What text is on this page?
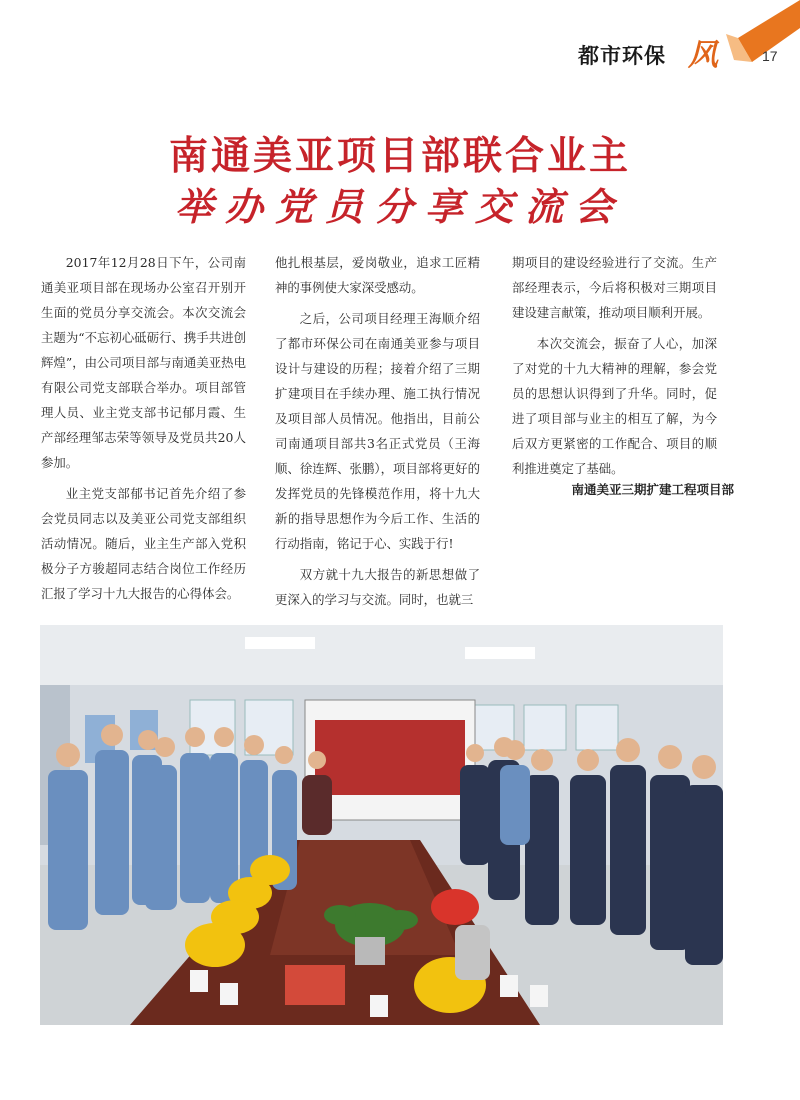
都市环保 风	17
南通美亚项目部联合业主
举办党员分享交流会

2017年12月28日下午，公司南通美亚项目部在现场办公室召开别开生面的党员分享交流会。本次交流会主题为“不忘初心砥砺行、携手共进创辉煌”，由公司项目部与南通美亚热电有限公司党支部联合举办。项目部管理人员、业主党支部书记郁月霞、生产部经理邹志荣等领导及党员共20人参加。

业主党支部郁书记首先介绍了参会党员同志以及美亚公司党支部组织活动情况。随后，业主生产部入党积极分子方骏超同志结合岗位工作经历汇报了学习十九大报告的心得体会。

他扎根基层，爱岗敬业，追求工匠精神的事例使大家深受感动。

之后，公司项目经理王海顺介绍了都市环保公司在南通美亚参与项目设计与建设的历程；接着介绍了三期扩建项目在手续办理、施工执行情况及项目部人员情况。他指出，目前公司南通项目部共3名正式党员（王海顺、徐连辉、张鹏），项目部将更好的发挥党员的先锋模范作用，将十九大新的指导思想作为今后工作、生活的行动指南，铭记于心、实践于行!

双方就十九大报告的新思想做了更深入的学习与交流。同时，也就三

期项目的建设经验进行了交流。生产部经理表示，今后将积极对三期项目建设建言献策，推动项目顺利开展。

本次交流会，振奋了人心，加深了对党的十九大精神的理解，参会党员的思想认识得到了升华。同时，促进了项目部与业主的相互了解，为今后双方更紧密的工作配合、项目的顺利推进奠定了基础。

南通美亚三期扩建工程项目部
